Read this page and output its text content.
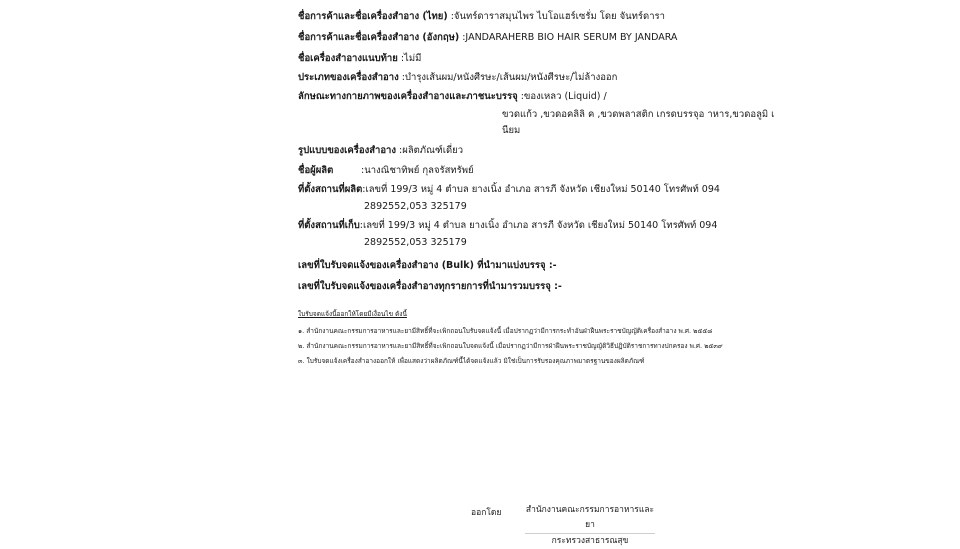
ชื่อการค้าและชื่อเครื่องสำอาง (ไทย) :จันทร์ดาราสมุนไพร ไบโอแฮร์เซรั่ม โดย จันทร์ดารา
ชื่อการค้าและชื่อเครื่องสำอาง (อังกฤษ) :JANDARAHERB BIO HAIR SERUM BY JANDARA
ชื่อเครื่องสำอางแนบท้าย :ไม่มี
ประเภทของเครื่องสำอาง :บำรุงเส้นผม/หนังศีรษะ/เส้นผม/หนังศีรษะ/ไม่ล้างออก
ลักษณะทางกายภาพของเครื่องสำอางและภาชนะบรรจุ :ของเหลว (Liquid) /
ขวดแก้ว ,ขวดอคลิลิ ค ,ขวดพลาสติก เกรดบรรจุอ าหาร,ขวดอลูมิ เ
นียม
รูปแบบของเครื่องสำอาง :ผลิตภัณฑ์เดี่ยว
ชื่อผู้ผลิต	:นางณิชาทิพย์ กุลจรัสทรัพย์
ที่ตั้งสถานที่ผลิต:เลขที่ 199/3 หมู่ 4 ตำบล ยางเนิ้ง อำเภอ สารภี จังหวัด เชียงใหม่ 50140 โทรศัพท์ 094
2892552,053 325179
ที่ตั้งสถานที่เก็บ:เลขที่ 199/3 หมู่ 4 ตำบล ยางเนิ้ง อำเภอ สารภี จังหวัด เชียงใหม่ 50140 โทรศัพท์ 094
2892552,053 325179
เลขที่ใบรับจดแจ้งของเครื่องสำอาง (Bulk) ที่นำมาแบ่งบรรจุ :-
เลขที่ใบรับจดแจ้งของเครื่องสำอางทุกรายการที่นำมารวมบรรจุ :-
ใบรับจดแจ้งนี้ออกให้โดยมีเงื่อนไข ดังนี้
๑. สำนักงานคณะกรรมการอาหารและยามีสิทธิ์ที่จะเพิกถอนใบรับจดแจ้งนี้ เมื่อปรากฏว่ามีการกระทำอันฝ่าฝืนพระราชบัญญัติเครื่องสำอาง พ.ศ. ๒๕๕๘
๒. สำนักงานคณะกรรมการอาหารและยามีสิทธิ์ที่จะเพิกถอนใบจดแจ้งนี้ เมื่อปรากฏว่ามีการฝ่าฝืนพระราชบัญญัติวิธีปฏิบัติราชการทางปกครอง พ.ศ. ๒๕๓๙
๓. ใบรับจดแจ้งเครื่องสำอางออกให้ เพื่อแสดงว่าผลิตภัณฑ์นี้ได้จดแจ้งแล้ว มิใช่เป็นการรับรองคุณภาพมาตรฐานของผลิตภัณฑ์
ออกโดย	สำนักงานคณะกรรมการอาหารและยา
กระทรวงสาธารณสุข
